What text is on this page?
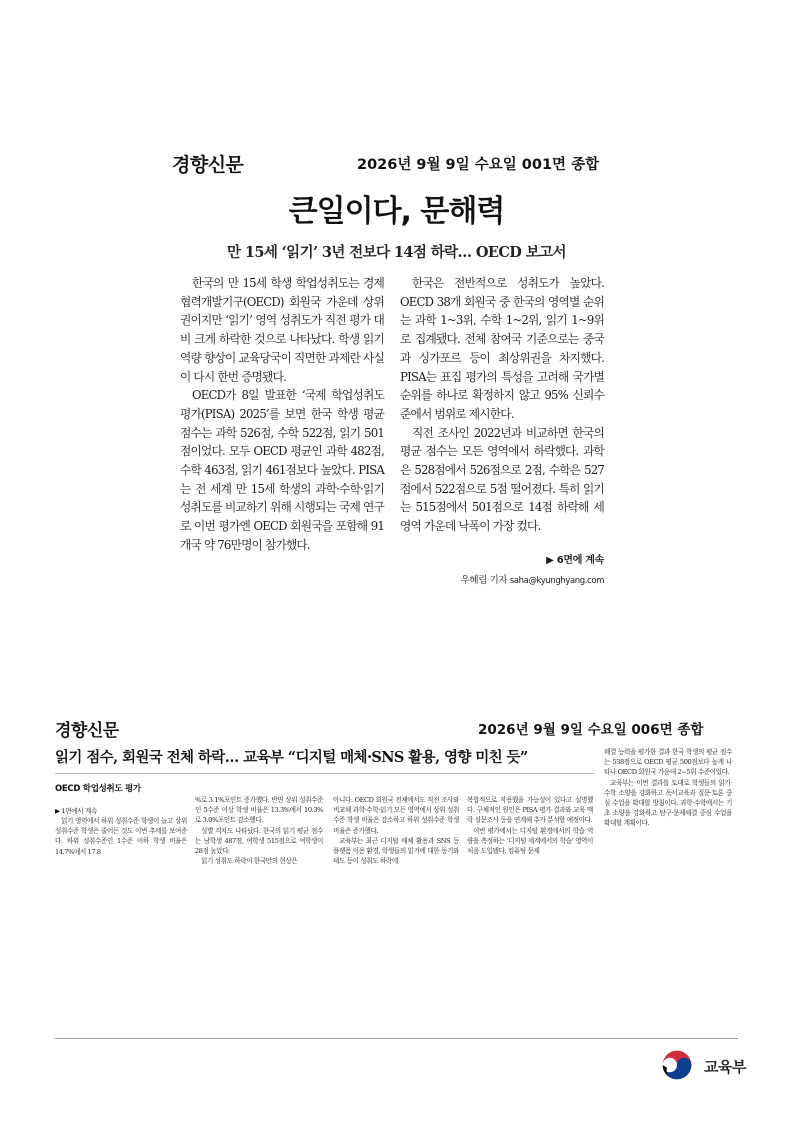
경향신문	2026년 9월 9일 수요일 001면 종합
큰일이다, 문해력
만 15세 ‘읽기’ 3년 전보다 14점 하락… OECD 보고서

한국의 만 15세 학생 학업성취도는 경제협력개발기구(OECD) 회원국 가운데 상위권이지만 ‘읽기’ 영역 성취도가 직전 평가 대비 크게 하락한 것으로 나타났다. 학생 읽기 역량 향상이 교육당국이 직면한 과제란 사실이 다시 한번 증명됐다.

OECD가 8일 발표한 ‘국제 학업성취도 평가(PISA) 2025’를 보면 한국 학생 평균 점수는 과학 526점, 수학 522점, 읽기 501점이었다. 모두 OECD 평균인 과학 482점, 수학 463점, 읽기 461점보다 높았다. PISA는 전 세계 만 15세 학생의 과학·수학·읽기 성취도를 비교하기 위해 시행되는 국제 연구로 이번 평가엔 OECD 회원국을 포함해 91개국 약 76만명이 참가했다.

한국은 전반적으로 성취도가 높았다. OECD 38개 회원국 중 한국의 영역별 순위는 과학 1~3위, 수학 1~2위, 읽기 1~9위로 집계됐다. 전체 참여국 기준으로는 중국과 싱가포르 등이 최상위권을 차지했다. PISA는 표집 평가의 특성을 고려해 국가별 순위를 하나로 확정하지 않고 95% 신뢰수준에서 범위로 제시한다.

직전 조사인 2022년과 비교하면 한국의 평균 점수는 모든 영역에서 하락했다. 과학은 528점에서 526점으로 2점, 수학은 527점에서 522점으로 5점 떨어졌다. 특히 읽기는 515점에서 501점으로 14점 하락해 세 영역 가운데 낙폭이 가장 컸다.

▶ 6면에 계속
우혜림 기자 saha@kyunghyang.com
경향신문	2026년 9월 9일 수요일 006면 종합
읽기 점수, 회원국 전체 하락… 교육부 “디지털 매체·SNS 활용, 영향 미친 듯”
OECD 학업성취도 평가
▶ 1면에서 계속

읽기 영역에서 하위 성취수준 학생이 늘고 상위 성취수준 학생은 줄어든 것도 이번 추세를 보여준다. 하위 성취수준인 1수준 이하 학생 비율은 14.7%에서 17.8

%로 3.1%포인트 증가했다. 반면 상위 성취수준인 5수준 이상 학생 비율은 13.3%에서 10.3%로 3.0%포인트 감소했다.

성별 격차도 나타났다. 한국의 읽기 평균 점수는 남학생 487점, 여학생 515점으로 여학생이 28점 높았다.

읽기 성취도 하락이 한국만의 현상은

아니다. OECD 회원국 전체에서도 직전 조사와 비교해 과학·수학·읽기 모든 영역에서 상위 성취수준 학생 비율은 감소하고 하위 성취수준 학생 비율은 증가했다.

교육부는 최근 디지털 매체 활용과 SNS 등 플랫폼 이용 환경, 학생들의 읽기에 대한 동기와 태도 등이 성취도 하락에

복합적으로 작용했을 가능성이 있다고 설명했다. 구체적인 원인은 PISA 평가 결과와 교육 맥락 설문조사 등을 연계해 추가 분석할 예정이다.

이번 평가에서는 디지털 환경에서의 학습 역량을 측정하는 ‘디지털 세계에서의 학습’ 영역이 처음 도입됐다. 컴퓨팅 문제

해결 능력을 평가한 결과 한국 학생의 평균 점수는 538점으로 OECD 평균 500점보다 높게 나타나 OECD 회원국 가운데 2~5위 수준이었다.

교육부는 이번 결과를 토대로 학생들의 읽기·수학 소양을 강화하고 독서교육과 질문·토론 중심 수업을 확대할 방침이다. 과학·수학에서는 기초 소양을 강화하고 탐구·문제해결 중심 수업을 확대할 계획이다.

교육부
